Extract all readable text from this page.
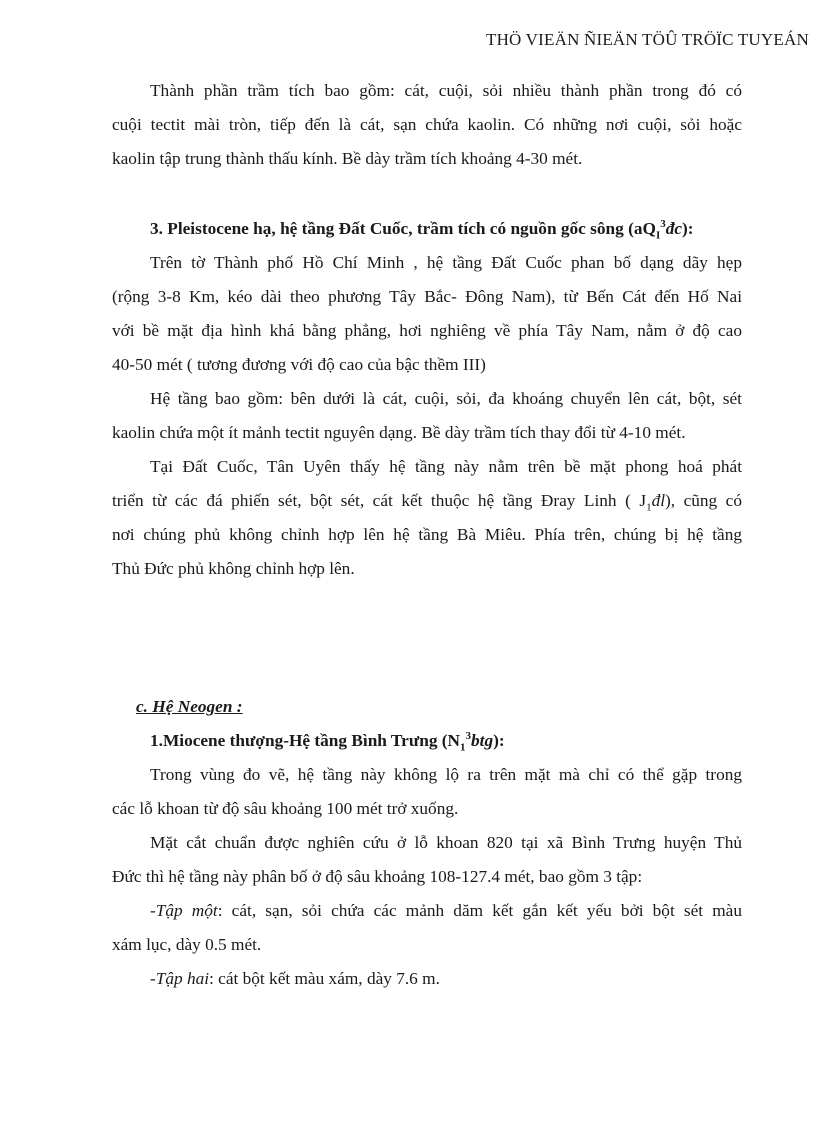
THÖ VIEÄN ÑIEÄN TÖÛ TRÖÏC TUYEÁN

Thành phần trầm tích bao gồm: cát, cuội, sỏi nhiều thành phần trong đó có

cuội tectit mài tròn, tiếp đến là cát, sạn chứa kaolin. Có những nơi cuội, sỏi hoặc

kaolin tập trung thành thấu kính. Bề dày trầm tích khoảng 4-30 mét.

3. Pleistocene hạ, hệ tầng Đất Cuốc, trầm tích có nguồn gốc sông $(aQ_I^3đc)$:

Trên tờ Thành phố Hồ Chí Minh , hệ tầng Đất Cuốc phan bố dạng dãy hẹp

(rộng 3-8 Km, kéo dài theo phương Tây Bắc- Đông Nam), từ Bến Cát đến Hố Nai

với bề mặt địa hình khá bằng phẳng, hơi nghiêng về phía Tây Nam, nằm ở độ cao

40-50 mét ( tương đương với độ cao của bậc thềm III)

Hệ tầng bao gồm: bên dưới là cát, cuội, sỏi, đa khoáng chuyển lên cát, bột, sét

kaolin chứa một ít mảnh tectit nguyên dạng. Bề dày trầm tích thay đổi từ 4-10 mét.

Tại Đất Cuốc, Tân Uyên thấy hệ tầng này nằm trên bề mặt phong hoá phát

triển từ các đá phiến sét, bột sét, cát kết thuộc hệ tầng Đray Linh ( $J_1đl$), cũng có

nơi chúng phủ không chỉnh hợp lên hệ tầng Bà Miêu. Phía trên, chúng bị hệ tầng

Thủ Đức phủ không chỉnh hợp lên.

c. Hệ Neogen :

1.Miocene thượng-Hệ tầng Bình Trưng $(N_1^3btg)$:

Trong vùng đo vẽ, hệ tầng này không lộ ra trên mặt mà chỉ có thể gặp trong

các lỗ khoan từ độ sâu khoảng 100 mét trở xuống.

Mặt cắt chuẩn được nghiên cứu ở lỗ khoan 820 tại xã Bình Trưng huyện Thủ

Đức thì hệ tầng này phân bố ở độ sâu khoảng 108-127.4 mét, bao gồm 3 tập:

-Tập một: cát, sạn, sỏi chứa các mảnh dăm kết gắn kết yếu bởi bột sét màu

xám lục, dày 0.5 mét.

-Tập hai: cát bột kết màu xám, dày 7.6 m.
